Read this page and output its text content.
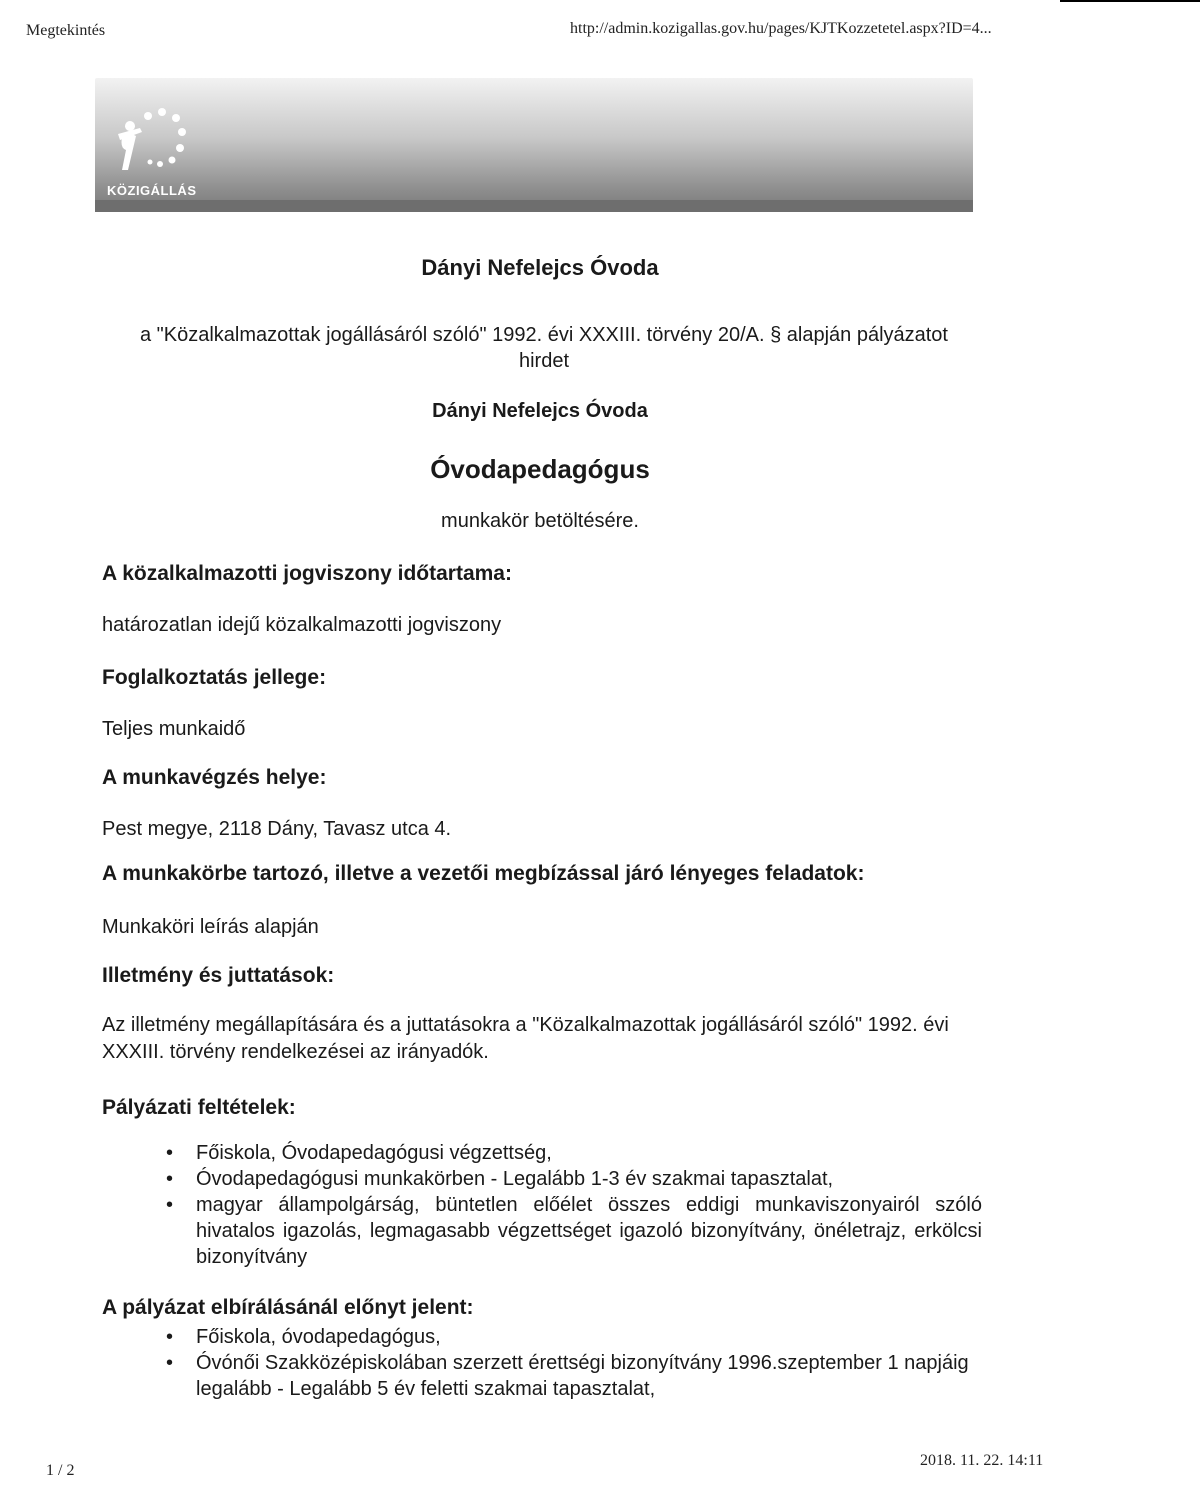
Megtekintés	http://admin.kozigallas.gov.hu/pages/KJTKozzetetel.aspx?ID=4...
KÖZIGÁLLÁS
Dányi Nefelejcs Óvoda
a "Közalkalmazottak jogállásáról szóló" 1992. évi XXXIII. törvény 20/A. § alapján pályázatot hirdet
Dányi Nefelejcs Óvoda
Óvodapedagógus
munkakör betöltésére.
A közalkalmazotti jogviszony időtartama:

határozatlan idejű közalkalmazotti jogviszony

Foglalkoztatás jellege:

Teljes munkaidő

A munkavégzés helye:

Pest megye, 2118 Dány, Tavasz utca 4.

A munkakörbe tartozó, illetve a vezetői megbízással járó lényeges feladatok:

Munkaköri leírás alapján

Illetmény és juttatások:

Az illetmény megállapítására és a juttatásokra a "Közalkalmazottak jogállásáról szóló" 1992. évi XXXIII. törvény rendelkezései az irányadók.

Pályázati feltételek:
• Főiskola, Óvodapedagógusi végzettség,
• Óvodapedagógusi munkakörben - Legalább 1-3 év szakmai tapasztalat,
• magyar állampolgárság, büntetlen előélet összes eddigi munkaviszonyairól szóló hivatalos igazolás, legmagasabb végzettséget igazoló bizonyítvány, önéletrajz, erkölcsi bizonyítvány
A pályázat elbírálásánál előnyt jelent:
• Főiskola, óvodapedagógus,
• Óvónői Szakközépiskolában szerzett érettségi bizonyítvány 1996.szeptember 1 napjáig legalább - Legalább 5 év feletti szakmai tapasztalat,
1 / 2
2018. 11. 22. 14:11
